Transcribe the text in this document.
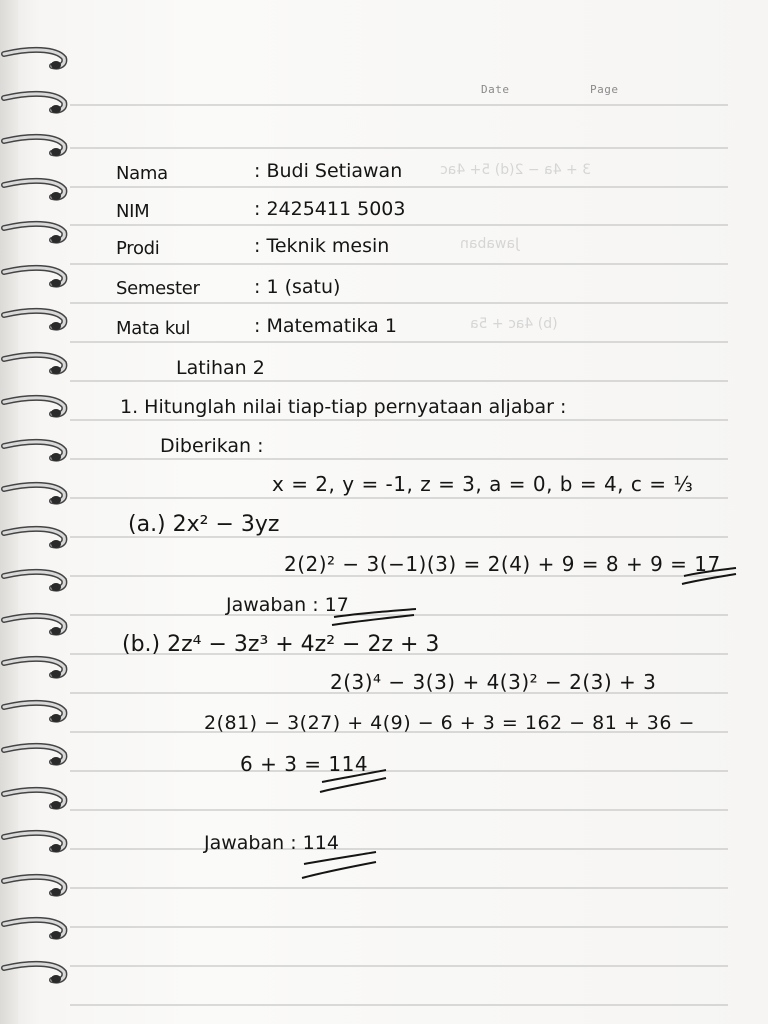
Date	Page
3 + 4a − 2(d) 5+ 4ac
Jawaban
(b) 4ac + 5a
Nama	: Budi Setiawan
NIM	: 2425411 5003
Prodi	: Teknik mesin
Semester	: 1 (satu)
Mata kul	: Matematika 1
Latihan 2
1. Hitunglah nilai tiap-tiap pernyataan aljabar :
Diberikan :
x = 2, y = -1, z = 3, a = 0, b = 4, c = ⅓
(a.) 2x² − 3yz
2(2)² − 3(−1)(3) = 2(4) + 9 = 8 + 9 = 17
Jawaban : 17
(b.) 2z⁴ − 3z³ + 4z² − 2z + 3
2(3)⁴ − 3(3) + 4(3)² − 2(3) + 3
2(81) − 3(27) + 4(9) − 6 + 3 = 162 − 81 + 36 −
6 + 3 = 114
Jawaban : 114
